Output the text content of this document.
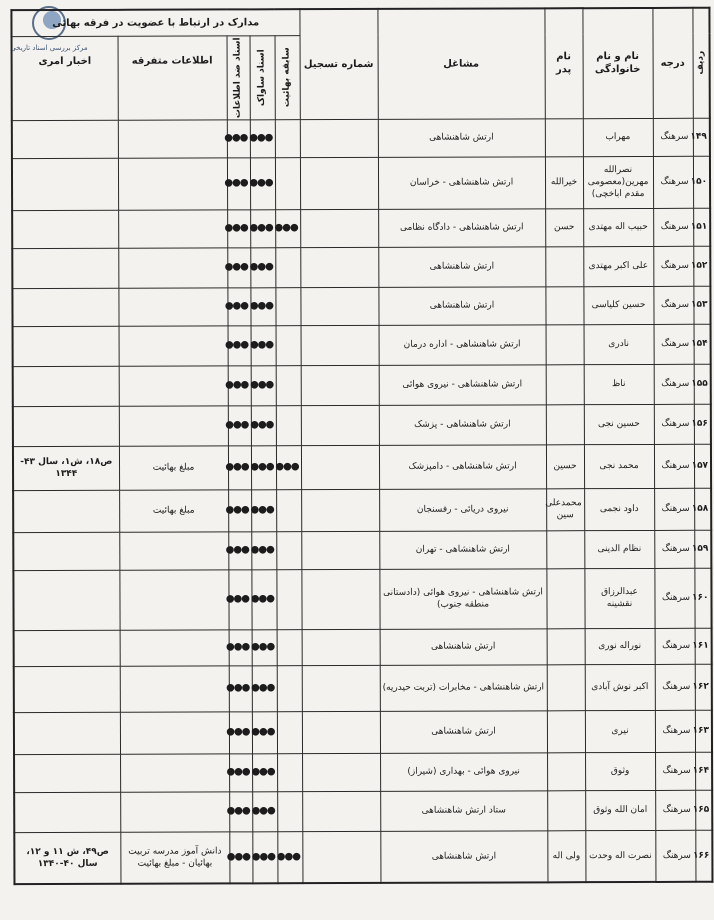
مرکز بررسی اسناد تاریخی
ردیف	درجه	نام و نام خانوادگی	نام پدر	مشاغل	شماره تسجیل	مدارک در ارتباط با عضویت در فرقه بهائی				

						سابقه بهائیت	اسناد ساواک	اسناد ضد اطلاعات	اطلاعات متفرقه	اخبار امری
۱۴۹	سرهنگ	مهراب		ارتش شاهنشاهی			●●●	●●●		
۱۵۰	سرهنگ	نصرالله مهرین(معصومی مقدم اباخچی)	خیرالله	ارتش شاهنشاهی - خراسان			●●●	●●●		
۱۵۱	سرهنگ	حبیب اله مهتدی	حسن	ارتش شاهنشاهی - دادگاه نظامی		●●●	●●●	●●●		
۱۵۲	سرهنگ	علی اکبر مهتدی		ارتش شاهنشاهی			●●●	●●●		
۱۵۳	سرهنگ	حسین کلیاسی		ارتش شاهنشاهی			●●●	●●●		
۱۵۴	سرهنگ	نادری		ارتش شاهنشاهی - اداره درمان			●●●	●●●		
۱۵۵	سرهنگ	ناظ		ارتش شاهنشاهی - نیروی هوائی			●●●	●●●		
۱۵۶	سرهنگ	حسین نجی		ارتش شاهنشاهی - پزشک			●●●	●●●		
۱۵۷	سرهنگ	محمد نجی	حسین	ارتش شاهنشاهی - دامپزشک		●●●	●●●	●●●	مبلغ بهائیت	ص۱۸، ش۱، سال ۴۳- ۱۳۴۴
۱۵۸	سرهنگ	داود نجمی	محمدعلی سین	نیروی دریائی - رفسنجان			●●●	●●●	مبلغ بهائیت	
۱۵۹	سرهنگ	نظام الدینی		ارتش شاهنشاهی - تهران			●●●	●●●		
۱۶۰	سرهنگ	عبدالرزاق نقشینه		ارتش شاهنشاهی - نیروی هوائی (دادستانی منطقه جنوب)			●●●	●●●		
۱۶۱	سرهنگ	نوراله نوری		ارتش شاهنشاهی			●●●	●●●		
۱۶۲	سرهنگ	اکبر نوش آبادی		ارتش شاهنشاهی - مخابرات (تربت حیدریه)			●●●	●●●		
۱۶۳	سرهنگ	نیری		ارتش شاهنشاهی			●●●	●●●		
۱۶۴	سرهنگ	وثوق		نیروی هوائی - بهداری (شیراز)			●●●	●●●		
۱۶۵	سرهنگ	امان الله وثوق		ستاد ارتش شاهنشاهی			●●●	●●●		
۱۶۶	سرهنگ	نصرت اله وحدت	ولی اله	ارتش شاهنشاهی		●●●	●●●	●●●	دانش آموز مدرسه تربیت بهائیان - مبلغ بهائیت	ص۴۹، ش ۱۱ و ۱۲، سال ۴۰-۱۳۴۰
